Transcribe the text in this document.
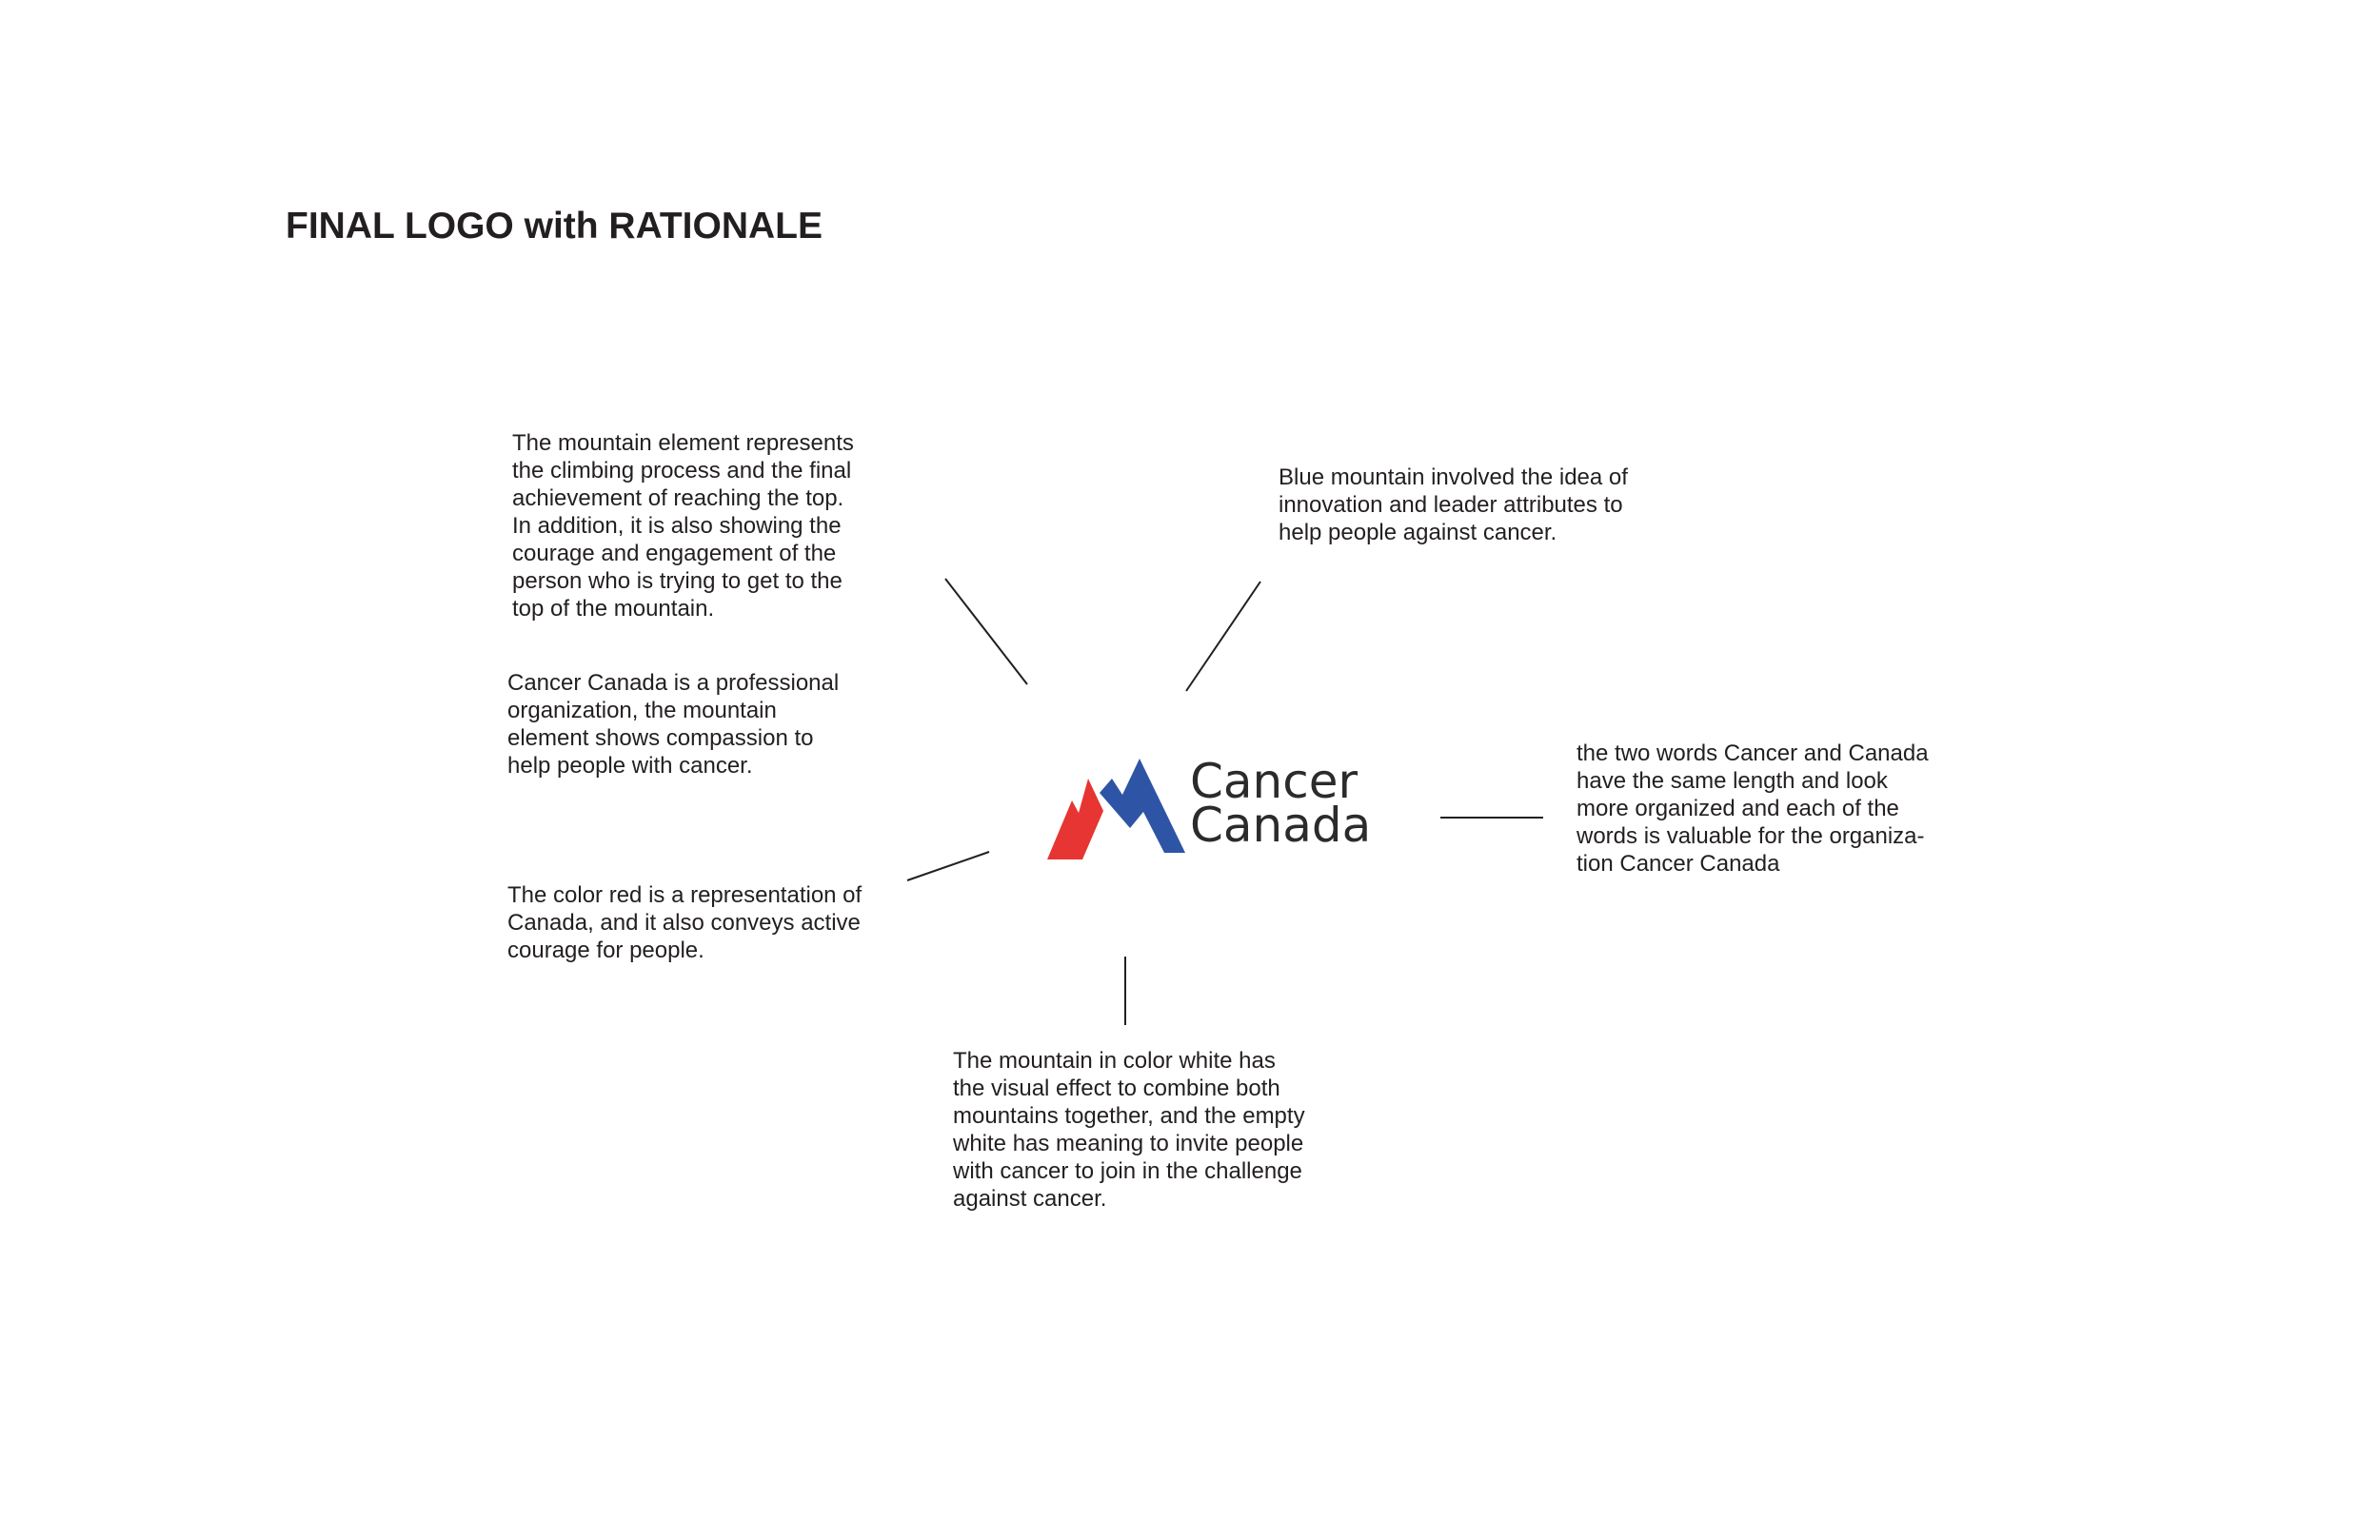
FINAL LOGO with RATIONALE
The mountain element represents
the climbing process and the final
achievement of reaching the top.
In addition, it is also showing the
courage and engagement of the
person who is trying to get to the
top of the mountain.
Cancer Canada is a professional
organization, the mountain
element shows compassion to
help people with cancer.
The color red is a representation of
Canada, and it also conveys active
courage for people.
Blue mountain involved the idea of
innovation and leader attributes to
help people against cancer.
the two words Cancer and Canada
have the same length and look
more organized and each of the
words is valuable for the organiza-
tion Cancer Canada
The mountain in color white has
the visual effect to combine both
mountains together, and the empty
white has meaning to invite people
with cancer to join in the challenge
against cancer.
Cancer
Canada
